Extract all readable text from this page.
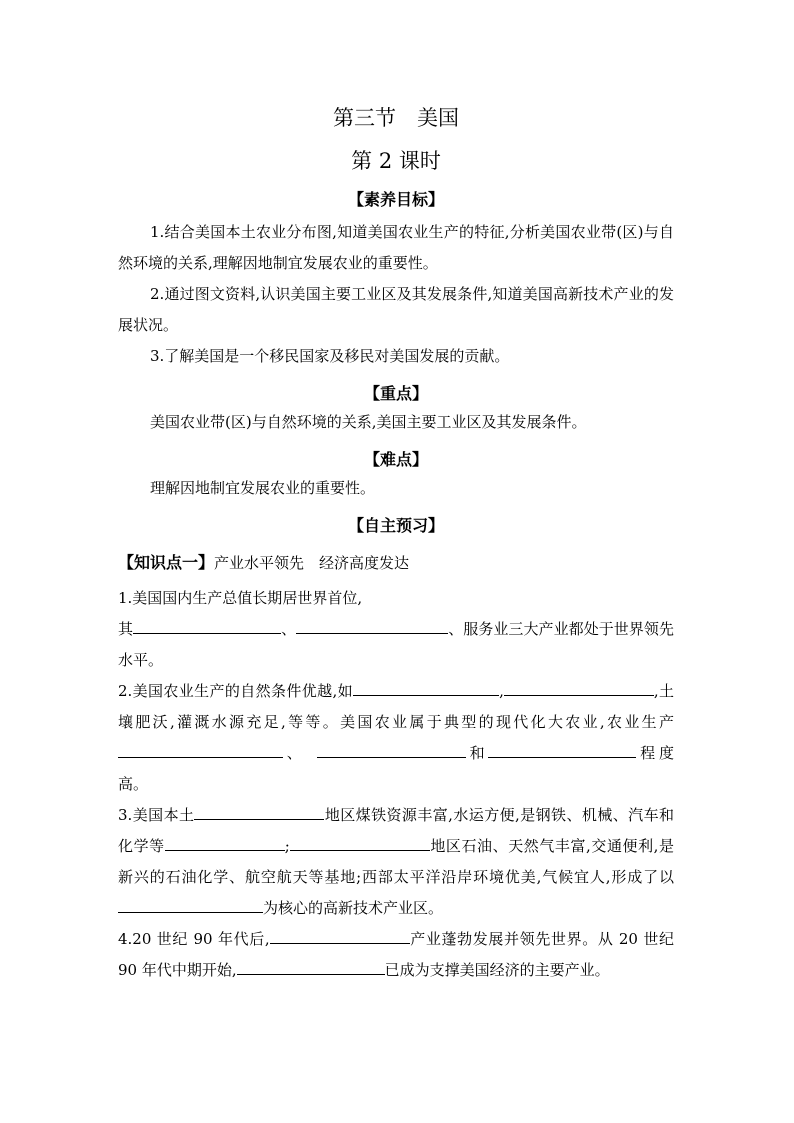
第三节　美国
第 2 课时
【素养目标】

1.结合美国本土农业分布图,知道美国农业生产的特征,分析美国农业带(区)与自然环境的关系,理解因地制宜发展农业的重要性。

2.通过图文资料,认识美国主要工业区及其发展条件,知道美国高新技术产业的发展状况。

3.了解美国是一个移民国家及移民对美国发展的贡献。

【重点】

美国农业带(区)与自然环境的关系,美国主要工业区及其发展条件。

【难点】

理解因地制宜发展农业的重要性。

【自主预习】
【知识点一】产业水平领先　经济高度发达

1.美国国内生产总值长期居世界首位,

其	、	、服务业三大产业都处于世界领先水平。

2.美国农业生产的自然条件优越,如	,	,土壤肥沃,灌溉水源充足,等等。美国农业属于典型的现代化大农业,农业生产、　	和	程度高。

3.美国本土	地区煤铁资源丰富,水运方便,是钢铁、机械、汽车和化学等	;	地区石油、天然气丰富,交通便利,是新兴的石油化学、航空航天等基地;西部太平洋沿岸环境优美,气候宜人,形成了以　为核心的高新技术产业区。

4.20 世纪 90 年代后,	产业蓬勃发展并领先世界。从 20 世纪 90 年代中期开始,	已成为支撑美国经济的主要产业。
